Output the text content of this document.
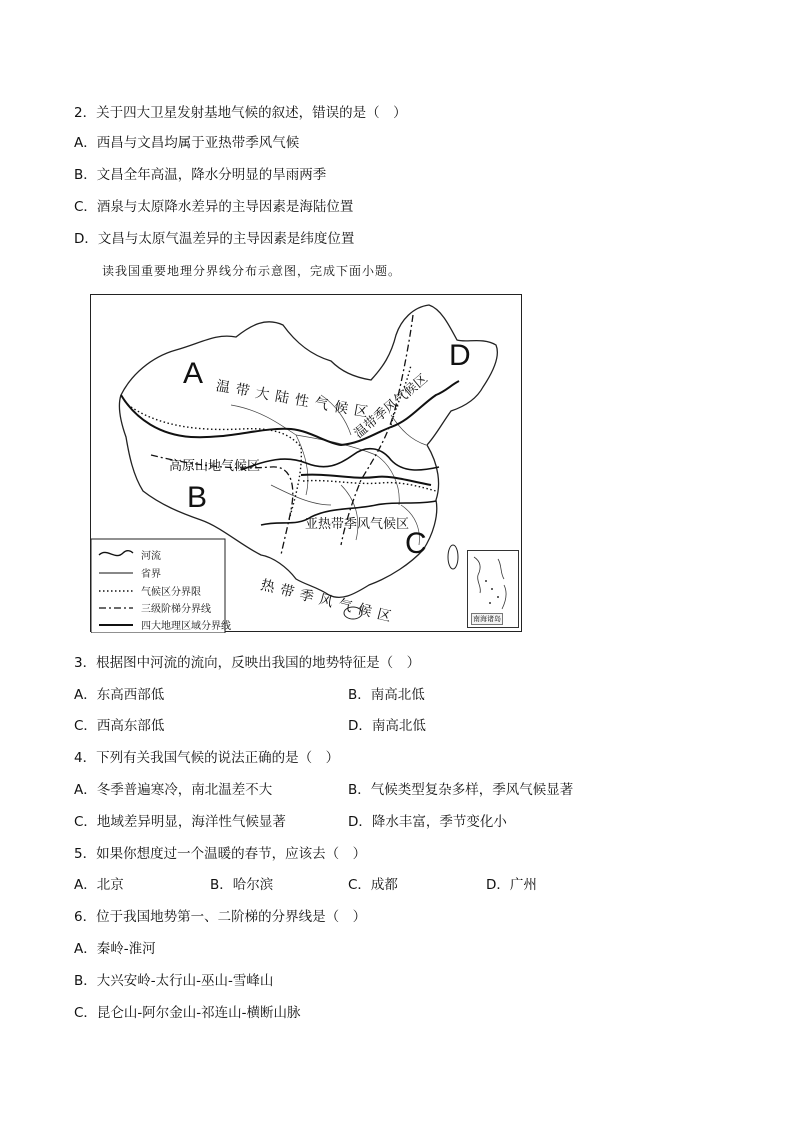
2．关于四大卫星发射基地气候的叙述，错误的是（　）
A．西昌与文昌均属于亚热带季风气候
B．文昌全年高温，降水分明显的旱雨两季
C．酒泉与太原降水差异的主导因素是海陆位置
D．文昌与太原气温差异的主导因素是纬度位置
读我国重要地理分界线分布示意图，完成下面小题。
A
B
C
D
温带大陆性气候区
高原山地气候区
温带季风气候区
亚热带季风气候区
热带季风气候区
河流
省界
气候区分界限
三级阶梯分界线
四大地理区域分界线
南海诸岛
3．根据图中河流的流向，反映出我国的地势特征是（　）
A．东高西部低	B．南高北低
C．西高东部低	D．南高北低
4．下列有关我国气候的说法正确的是（　）
A．冬季普遍寒冷，南北温差不大	B．气候类型复杂多样，季风气候显著
C．地域差异明显，海洋性气候显著	D．降水丰富，季节变化小
5．如果你想度过一个温暖的春节，应该去（　）
A．北京	B．哈尔滨	C．成都	D．广州
6．位于我国地势第一、二阶梯的分界线是（　）
A．秦岭-淮河
B．大兴安岭-太行山-巫山-雪峰山
C．昆仑山-阿尔金山-祁连山-横断山脉
